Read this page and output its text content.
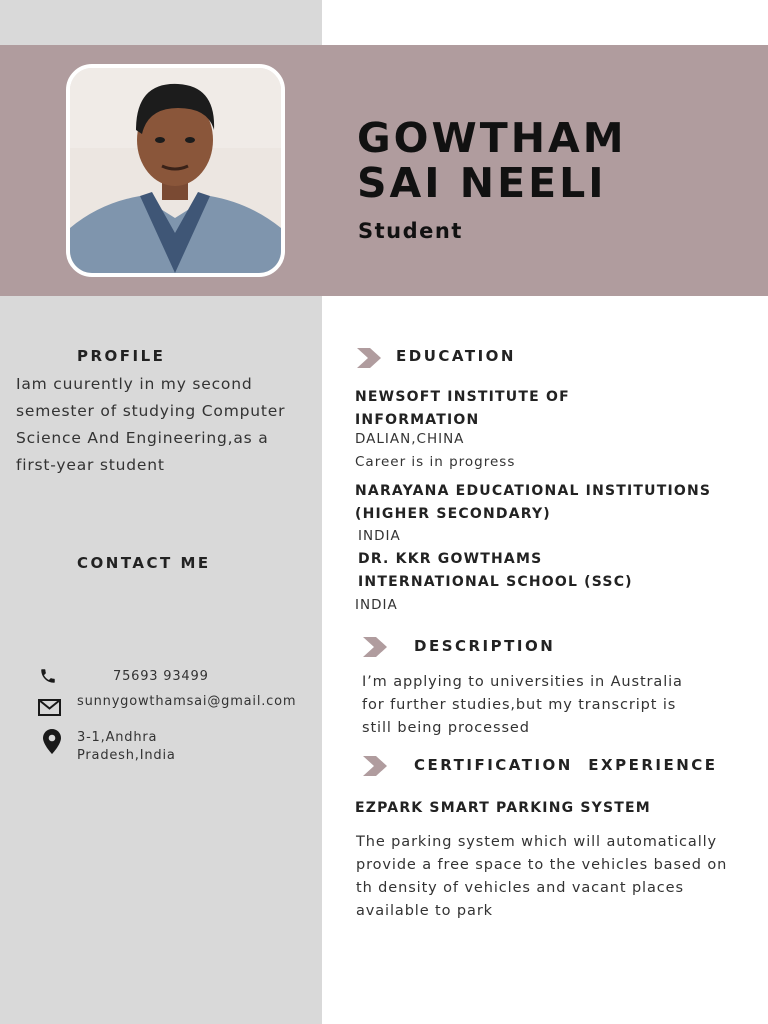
GOWTHAM
SAI NEELI
Student
PROFILE
Iam cuurently in my second semester of studying Computer Science And Engineering,as a first-year student
CONTACT ME
75693 93499
sunnygowthamsai@gmail.com
3-1,Andhra Pradesh,India
EDUCATION
NEWSOFT INSTITUTE OF INFORMATION
DALIAN,CHINA
Career is in progress
NARAYANA EDUCATIONAL INSTITUTIONS (HIGHER SECONDARY)
INDIA
DR. KKR GOWTHAMS INTERNATIONAL SCHOOL (SSC)
INDIA
DESCRIPTION
I’m applying to universities in Australia for further studies,but my transcript is still being processed
CERTIFICATION  EXPERIENCE
EZPARK SMART PARKING SYSTEM
The parking system which will automatically provide a free space to the vehicles based on th density of vehicles and vacant places available to park
